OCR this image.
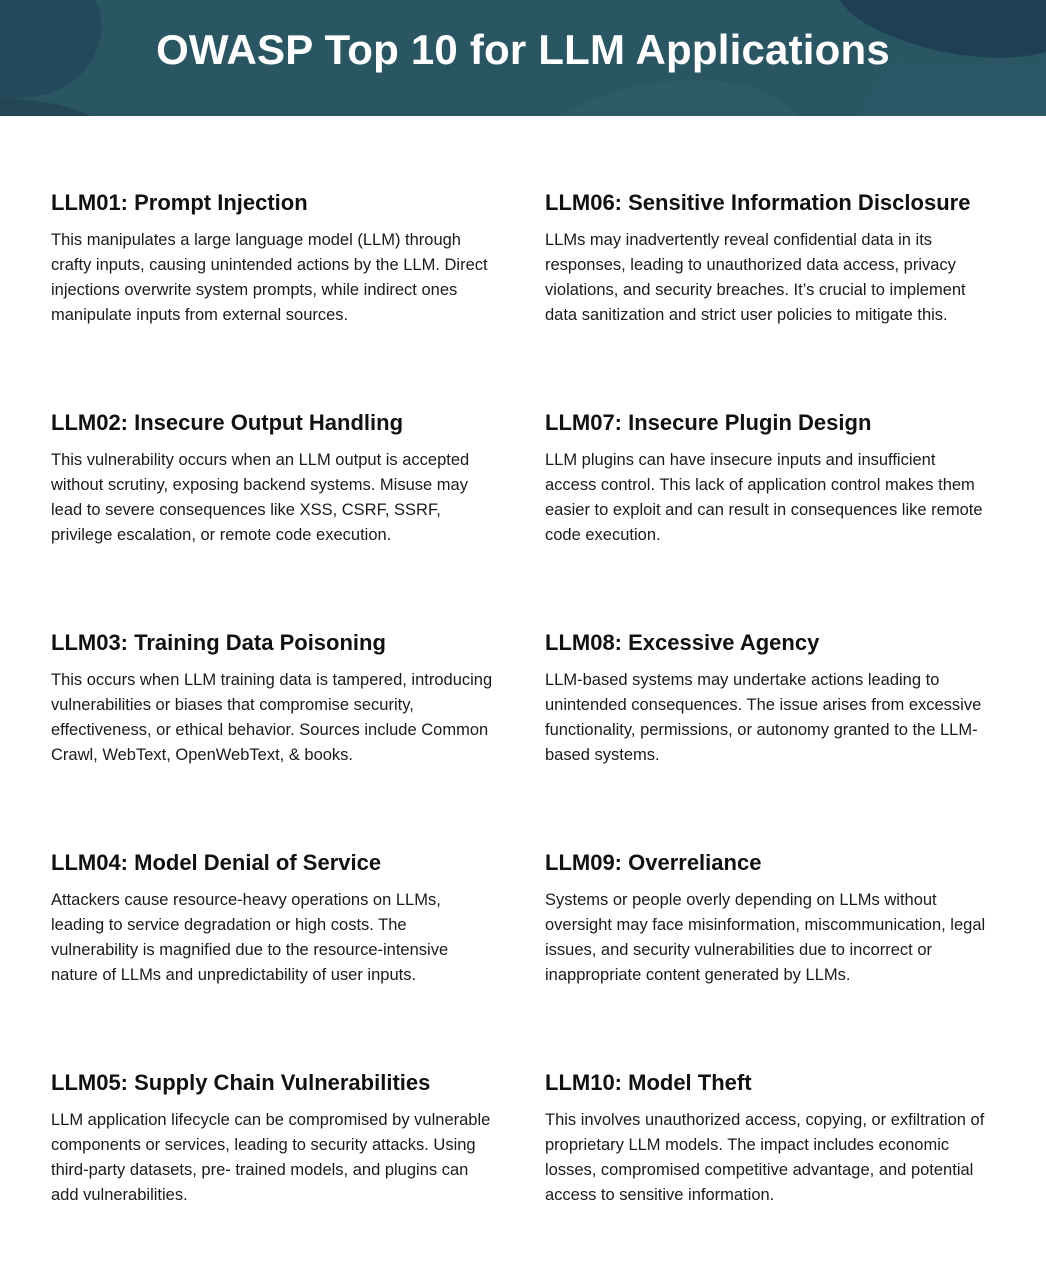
OWASP Top 10 for LLM Applications
LLM01: Prompt Injection

This manipulates a large language model (LLM) through crafty inputs, causing unintended actions by the LLM. Direct injections overwrite system prompts, while indirect ones manipulate inputs from external sources.

LLM06: Sensitive Information Disclosure

LLMs may inadvertently reveal confidential data in its responses, leading to unauthorized data access, privacy violations, and security breaches. It’s crucial to implement data sanitization and strict user policies to mitigate this.

LLM02: Insecure Output Handling

This vulnerability occurs when an LLM output is accepted without scrutiny, exposing backend systems. Misuse may lead to severe consequences like XSS, CSRF, SSRF, privilege escalation, or remote code execution.

LLM07: Insecure Plugin Design

LLM plugins can have insecure inputs and insufficient access control. This lack of application control makes them easier to exploit and can result in consequences like remote code execution.

LLM03: Training Data Poisoning

This occurs when LLM training data is tampered, introducing vulnerabilities or biases that compromise security, effectiveness, or ethical behavior. Sources include Common Crawl, WebText, OpenWebText, & books.

LLM08: Excessive Agency

LLM-based systems may undertake actions leading to unintended consequences. The issue arises from excessive functionality, permissions, or autonomy granted to the LLM-based systems.

LLM04: Model Denial of Service

Attackers cause resource-heavy operations on LLMs, leading to service degradation or high costs. The vulnerability is magnified due to the resource-intensive nature of LLMs and unpredictability of user inputs.

LLM09: Overreliance

Systems or people overly depending on LLMs without oversight may face misinformation, miscommunication, legal issues, and security vulnerabilities due to incorrect or inappropriate content generated by LLMs.

LLM05: Supply Chain Vulnerabilities

LLM application lifecycle can be compromised by vulnerable components or services, leading to security attacks. Using third-party datasets, pre- trained models, and plugins can add vulnerabilities.

LLM10: Model Theft

This involves unauthorized access, copying, or exfiltration of proprietary LLM models. The impact includes economic losses, compromised competitive advantage, and potential access to sensitive information.
